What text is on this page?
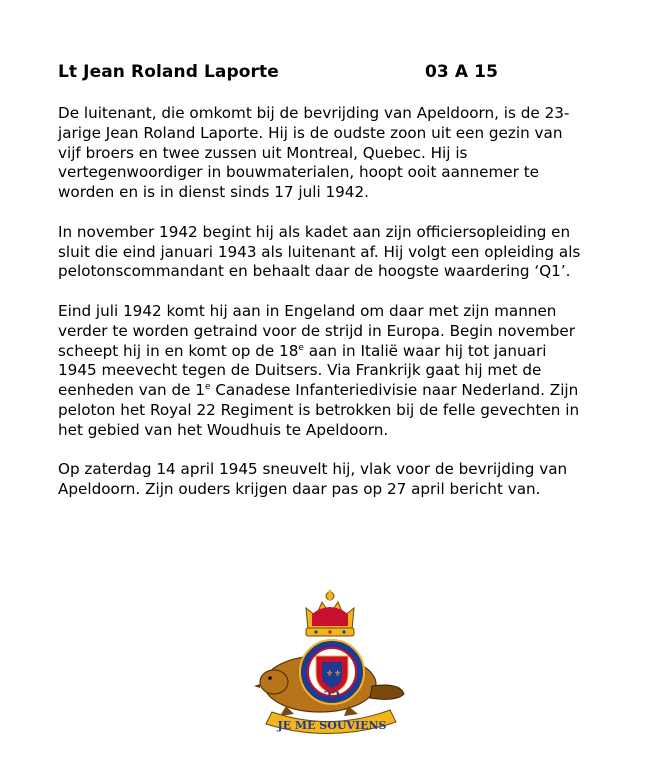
Lt Jean Roland Laporte	03 A 15

De luitenant, die omkomt bij de bevrijding van Apeldoorn, is de 23-
jarige Jean Roland Laporte. Hij is de oudste zoon uit een gezin van
vijf broers en twee zussen uit Montreal, Quebec. Hij is
vertegenwoordiger in bouwmaterialen, hoopt ooit aannemer te
worden en is in dienst sinds 17 juli 1942.

In november 1942 begint hij als kadet aan zijn officiersopleiding en
sluit die eind januari 1943 als luitenant af. Hij volgt een opleiding als
pelotonscommandant en behaalt daar de hoogste waardering ‘Q1’.

Eind juli 1942 komt hij aan in Engeland om daar met zijn mannen
verder te worden getraind voor de strijd in Europa. Begin november
scheept hij in en komt op de 18e aan in Italië waar hij tot januari
1945 meevecht tegen de Duitsers. Via Frankrijk gaat hij met de
eenheden van de 1e Canadese Infanteriedivisie naar Nederland. Zijn
peloton het Royal 22 Regiment is betrokken bij de felle gevechten in
het gebied van het Woudhuis te Apeldoorn.

Op zaterdag 14 april 1945 sneuvelt hij, vlak voor de bevrijding van
Apeldoorn. Zijn ouders krijgen daar pas op 27 april bericht van.

⚜ ⚜
22
JE ME SOUVIENS
